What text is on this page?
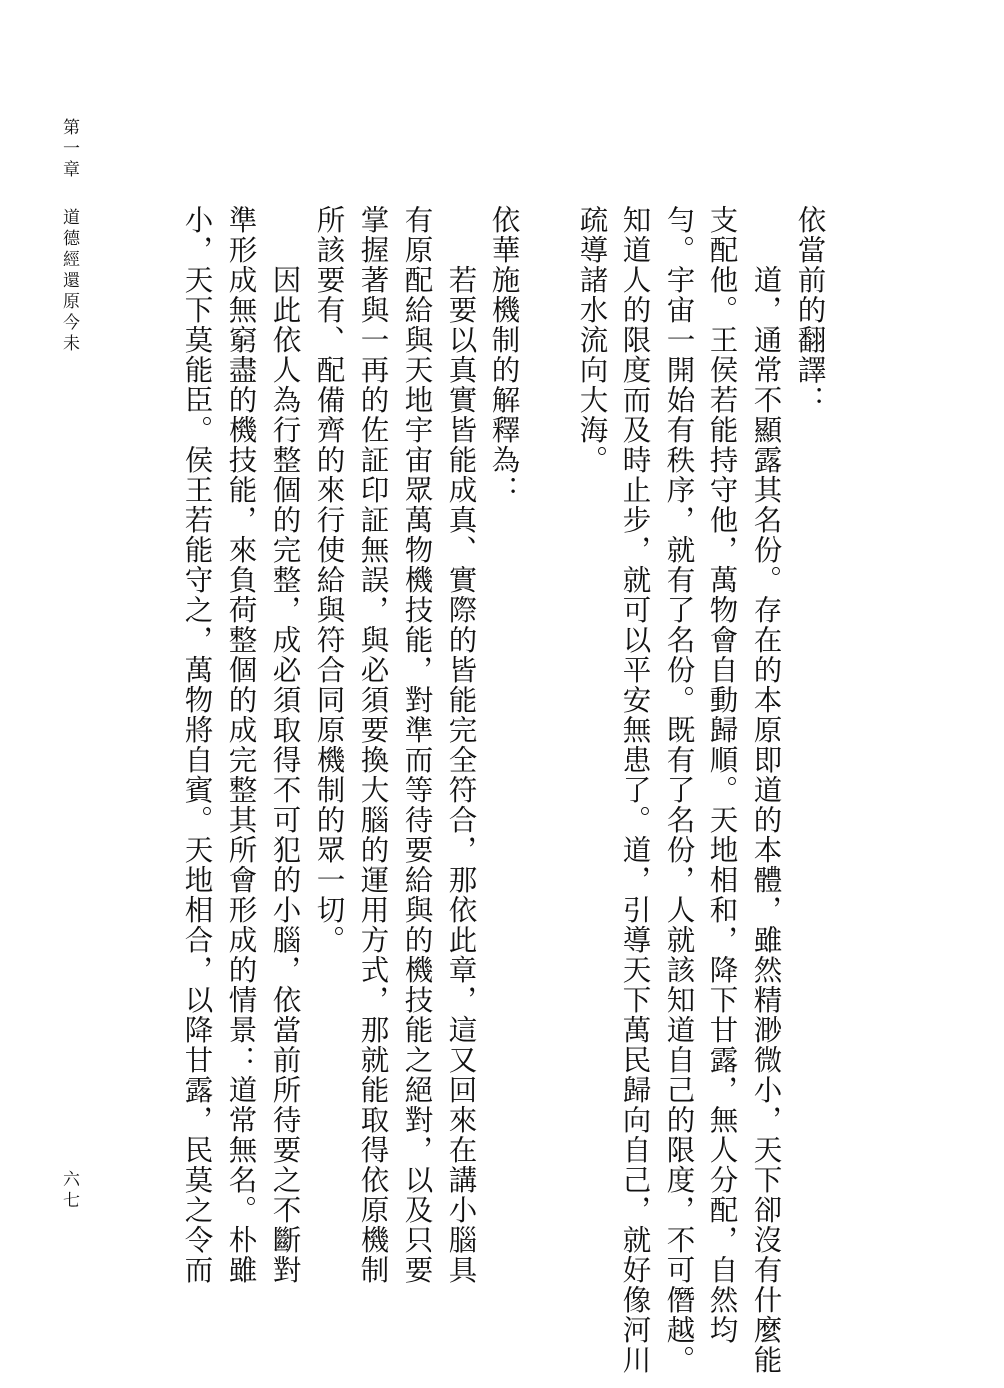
第一章
道德經還原今未
六七
依當前的翻譯：
　　道，通常不顯露其名份。存在的本原即道的本體，雖然精渺微小，天下卻沒有什麼能
支配他。王侯若能持守他，萬物會自動歸順。天地相和，降下甘露，無人分配，自然均
勻。宇宙一開始有秩序，就有了名份。既有了名份，人就該知道自己的限度，不可僭越。
知道人的限度而及時止步，就可以平安無患了。道，引導天下萬民歸向自己，就好像河川
疏導諸水流向大海。
依華施機制的解釋為：
　　若要以真實皆能成真、實際的皆能完全符合，那依此章，這又回來在講小腦具
有原配給與天地宇宙眾萬物機技能，對準而等待要給與的機技能之絕對，以及只要
掌握著與一再的佐証印証無誤，與必須要換大腦的運用方式，那就能取得依原機制
所該要有、配備齊的來行使給與符合同原機制的眾一切。
　　因此依人為行整個的完整，成必須取得不可犯的小腦，依當前所待要之不斷對
準形成無窮盡的機技能，來負荷整個的成完整其所會形成的情景：道常無名。朴雖
小，天下莫能臣。侯王若能守之，萬物將自賓。天地相合，以降甘露，民莫之令而
